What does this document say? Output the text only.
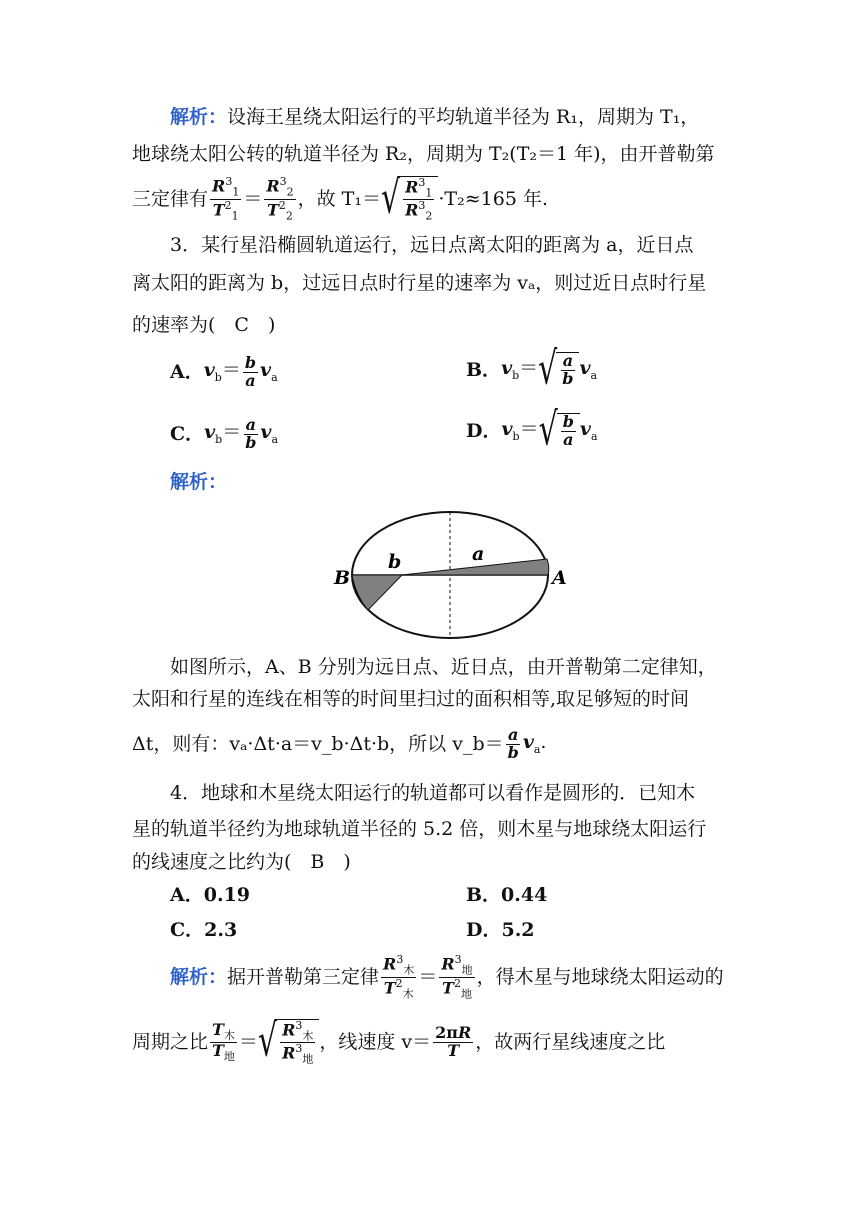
解析：设海王星绕太阳运行的平均轨道半径为 R₁，周期为 T₁，
地球绕太阳公转的轨道半径为 R₂，周期为 T₂(T₂＝1 年)，由开普勒第
三定律有 $\frac{R^3_1}{T^2_1} = \frac{R^3_2}{T^2_2}$ ，故 T₁＝ √ $\frac{R^3_1}{R^3_2} \cdot T_2\approx 165$ 年.
3．某行星沿椭圆轨道运行，远日点离太阳的距离为 a，近日点
离太阳的距离为 b，过远日点时行星的速率为 vₐ，则过近日点时行星
的速率为(　C　)
A． $v_b= \frac{b}{a} v_a$	B． $v_b=$ √ $\frac{a}{b} v_a$
C． $v_b= \frac{a}{b} v_a$	D． $v_b=$ √ $\frac{b}{a} v_a$
解析：
B	A
b	a
如图所示，A、B 分别为远日点、近日点，由开普勒第二定律知，
太阳和行星的连线在相等的时间里扫过的面积相等,取足够短的时间
Δt，则有：vₐ·Δt·a＝v_b·Δt·b，所以 v_b＝ $\frac{a}{b} v_a$.
4．地球和木星绕太阳运行的轨道都可以看作是圆形的．已知木
星的轨道半径约为地球轨道半径的 5.2 倍，则木星与地球绕太阳运行
的线速度之比约为(　B　)
A．0.19	B．0.44
C．2.3	D．5.2
解析： 据开普勒第三定律 $\frac{R^3_木}{T^2_木} = \frac{R^3_地}{T^2_地}$ ，得木星与地球绕太阳运动的
周期之比 $\frac{T_木}{T_地}$ ＝ √ $\frac{R^3_木}{R^3_地}$ ，线速度 $v= \frac{2\pi R}{T}$ ，故两行星线速度之比
